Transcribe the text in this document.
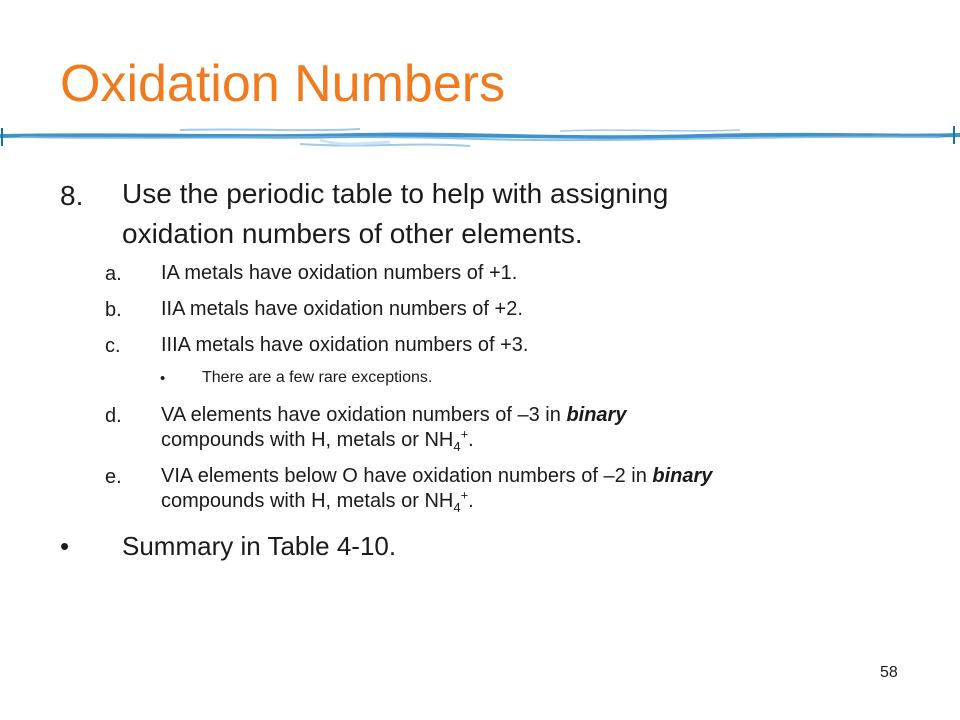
Oxidation Numbers
8. Use the periodic table to help with assigning
oxidation numbers of other elements.
a. IA metals have oxidation numbers of +1.
b. IIA metals have oxidation numbers of +2.
c. IIIA metals have oxidation numbers of +3.
• There are a few rare exceptions.
d. VA elements have oxidation numbers of –3 in binary
compounds with H, metals or $NH_4^+$.
e. VIA elements below O have oxidation numbers of –2 in binary
compounds with H, metals or $NH_4^+$.
• Summary in Table 4-10.
58
